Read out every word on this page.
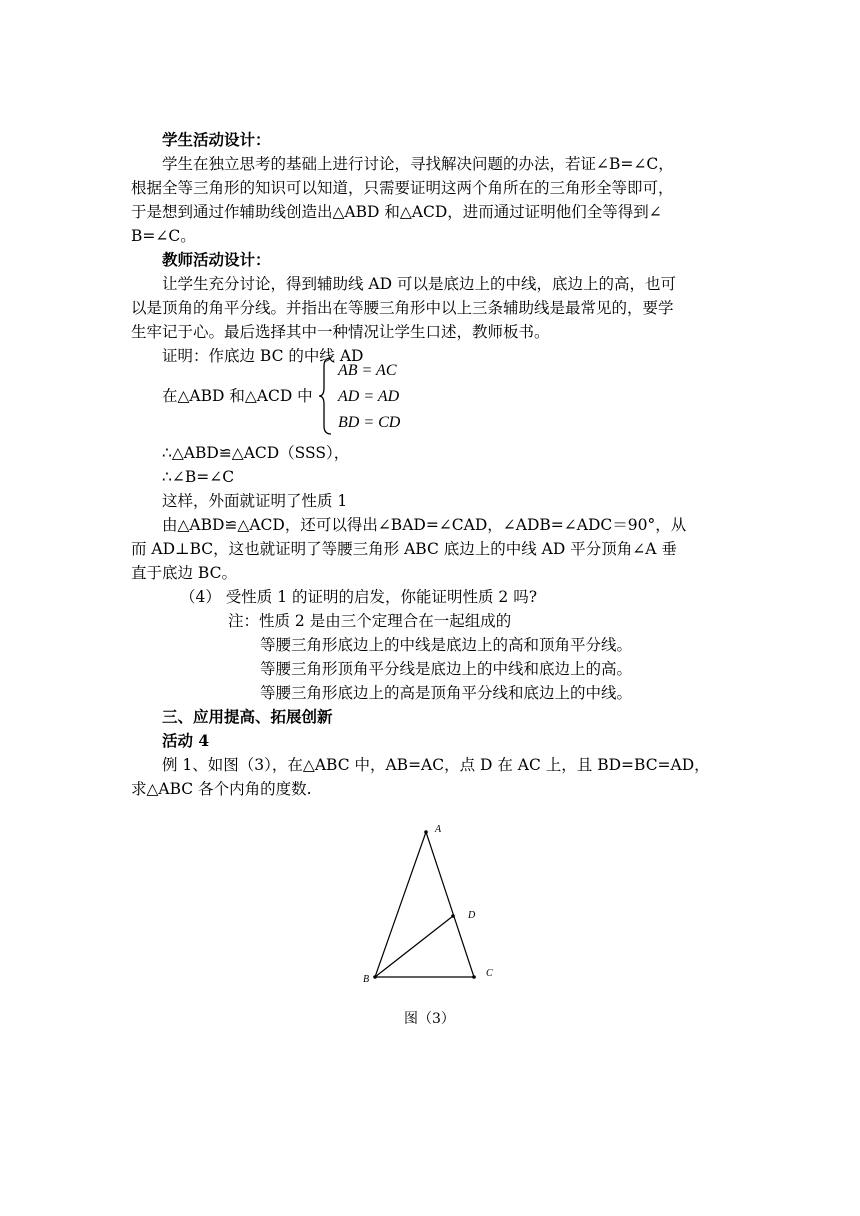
学生活动设计：
学生在独立思考的基础上进行讨论，寻找解决问题的办法，若证∠B=∠C，
根据全等三角形的知识可以知道，只需要证明这两个角所在的三角形全等即可，
于是想到通过作辅助线创造出△ABD 和△ACD，进而通过证明他们全等得到∠
B=∠C。
教师活动设计：
让学生充分讨论，得到辅助线 AD 可以是底边上的中线，底边上的高，也可
以是顶角的角平分线。并指出在等腰三角形中以上三条辅助线是最常见的，要学
生牢记于心。最后选择其中一种情况让学生口述，教师板书。
证明：作底边 BC 的中线 AD
在△ABD 和△ACD 中
AB = AC
AD = AD
BD = CD
∴△ABD≌△ACD（SSS），
∴∠B=∠C
这样，外面就证明了性质 1
由△ABD≌△ACD，还可以得出∠BAD=∠CAD，∠ADB=∠ADC＝90°，从
而 AD⊥BC，这也就证明了等腰三角形 ABC 底边上的中线 AD 平分顶角∠A 垂
直于底边 BC。
（4） 受性质 1 的证明的启发，你能证明性质 2 吗?
注：性质 2 是由三个定理合在一起组成的
等腰三角形底边上的中线是底边上的高和顶角平分线。
等腰三角形顶角平分线是底边上的中线和底边上的高。
等腰三角形底边上的高是顶角平分线和底边上的中线。
三、应用提高、拓展创新
活动 4
例 1、如图（3），在△ABC 中，AB=AC，点 D 在 AC 上，且 BD=BC=AD，
求△ABC 各个内角的度数.
A
B
C
D
图（3）
